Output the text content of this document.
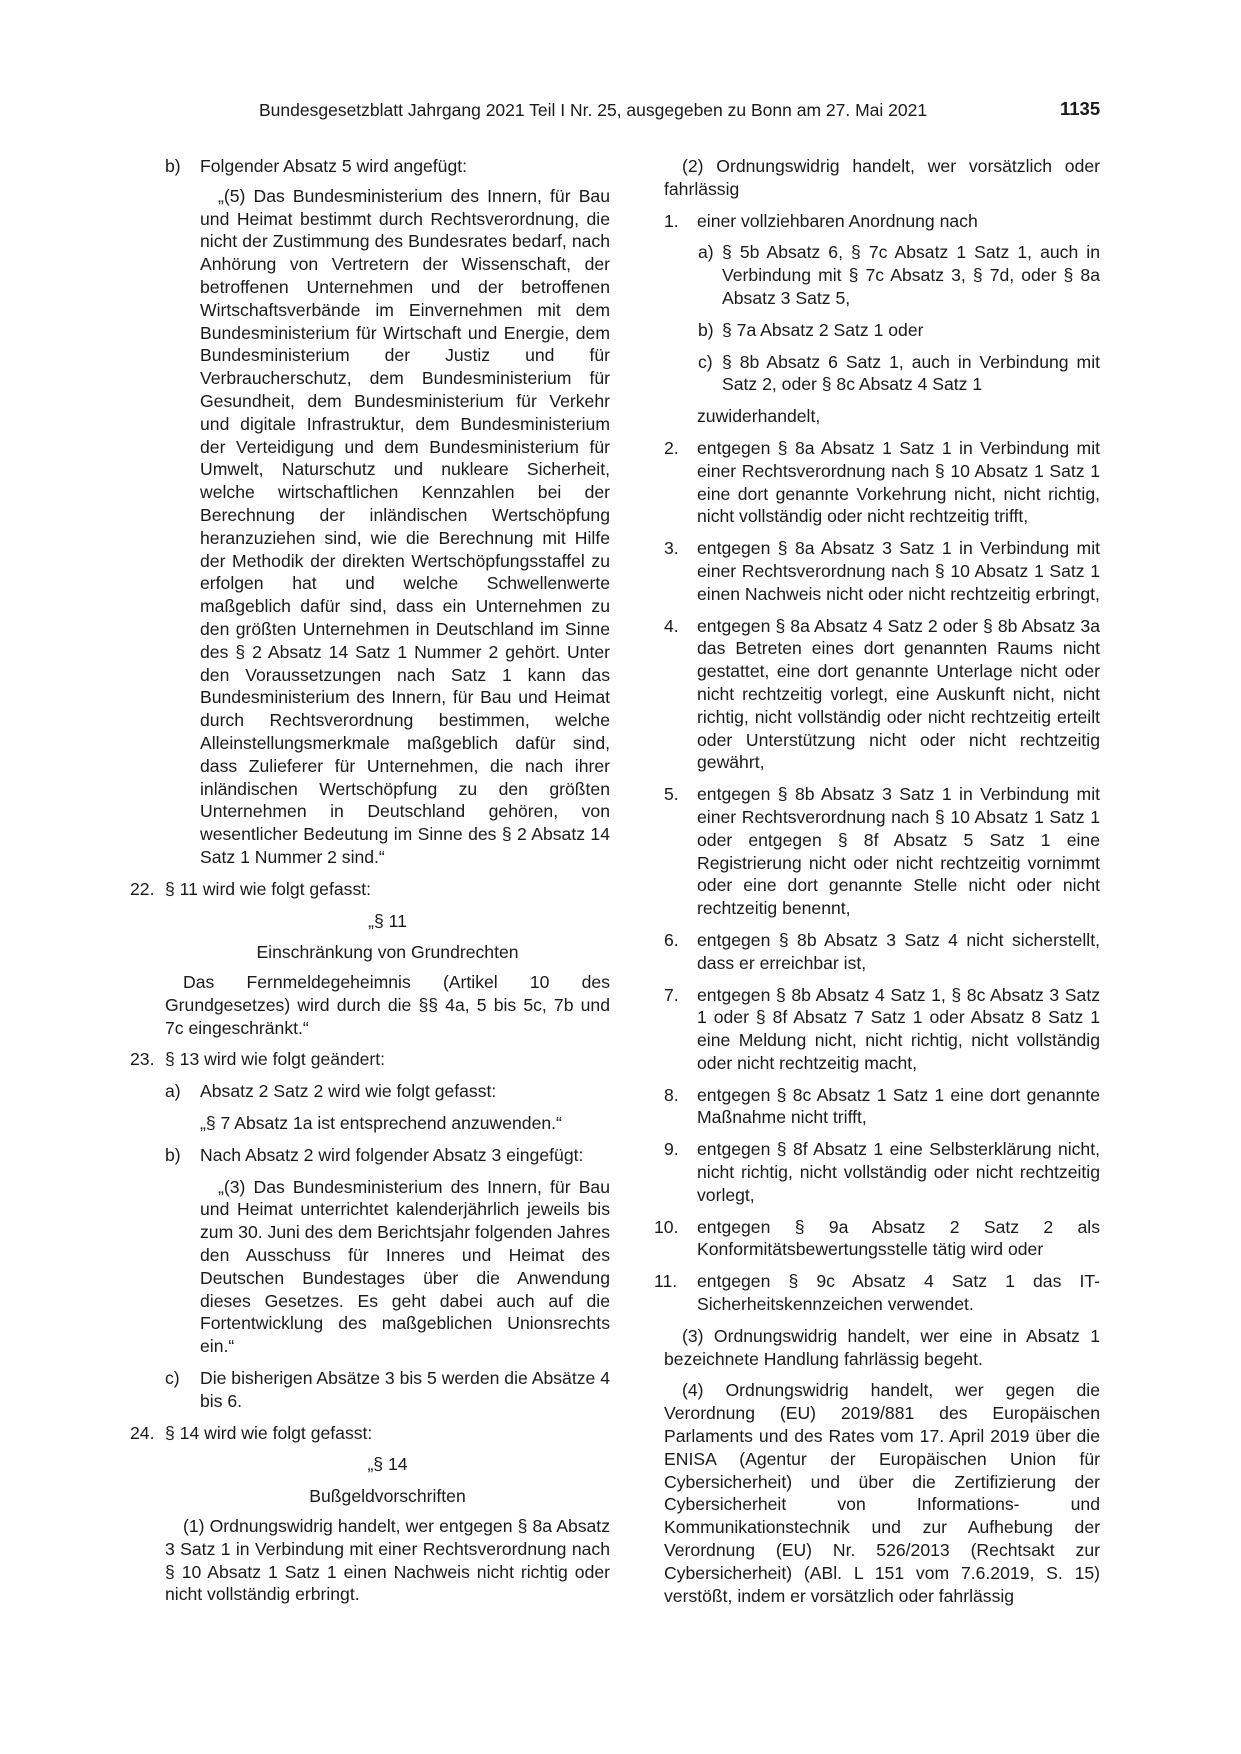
Bundesgesetzblatt Jahrgang 2021 Teil I Nr. 25, ausgegeben zu Bonn am 27. Mai 2021	1135
b) Folgender Absatz 5 wird angefügt:
„(5) Das Bundesministerium des Innern, für Bau und Heimat bestimmt durch Rechtsverordnung, die nicht der Zustimmung des Bundesrates bedarf, nach Anhörung von Vertretern der Wissenschaft, der betroffenen Unternehmen und der betroffenen Wirtschaftsverbände im Einvernehmen mit dem Bundesministerium für Wirtschaft und Energie, dem Bundesministerium der Justiz und für Verbraucherschutz, dem Bundesministerium für Gesundheit, dem Bundesministerium für Verkehr und digitale Infrastruktur, dem Bundesministerium der Verteidigung und dem Bundesministerium für Umwelt, Naturschutz und nukleare Sicherheit, welche wirtschaftlichen Kennzahlen bei der Berechnung der inländischen Wertschöpfung heranzuziehen sind, wie die Berechnung mit Hilfe der Methodik der direkten Wertschöpfungsstaffel zu erfolgen hat und welche Schwellenwerte maßgeblich dafür sind, dass ein Unternehmen zu den größten Unternehmen in Deutschland im Sinne des § 2 Absatz 14 Satz 1 Nummer 2 gehört. Unter den Voraussetzungen nach Satz 1 kann das Bundesministerium des Innern, für Bau und Heimat durch Rechtsverordnung bestimmen, welche Alleinstellungsmerkmale maßgeblich dafür sind, dass Zulieferer für Unternehmen, die nach ihrer inländischen Wertschöpfung zu den größten Unternehmen in Deutschland gehören, von wesentlicher Bedeutung im Sinne des § 2 Absatz 14 Satz 1 Nummer 2 sind.“
22. § 11 wird wie folgt gefasst:
„§ 11
Einschränkung von Grundrechten
Das Fernmeldegeheimnis (Artikel 10 des Grundgesetzes) wird durch die §§ 4a, 5 bis 5c, 7b und 7c eingeschränkt.“
23. § 13 wird wie folgt geändert:
a) Absatz 2 Satz 2 wird wie folgt gefasst:
„§ 7 Absatz 1a ist entsprechend anzuwenden.“
b) Nach Absatz 2 wird folgender Absatz 3 eingefügt:
„(3) Das Bundesministerium des Innern, für Bau und Heimat unterrichtet kalenderjährlich jeweils bis zum 30. Juni des dem Berichtsjahr folgenden Jahres den Ausschuss für Inneres und Heimat des Deutschen Bundestages über die Anwendung dieses Gesetzes. Es geht dabei auch auf die Fortentwicklung des maßgeblichen Unionsrechts ein.“
c) Die bisherigen Absätze 3 bis 5 werden die Absätze 4 bis 6.
24. § 14 wird wie folgt gefasst:
„§ 14
Bußgeldvorschriften
(1) Ordnungswidrig handelt, wer entgegen § 8a Absatz 3 Satz 1 in Verbindung mit einer Rechtsverordnung nach § 10 Absatz 1 Satz 1 einen Nachweis nicht richtig oder nicht vollständig erbringt.
(2) Ordnungswidrig handelt, wer vorsätzlich oder fahrlässig
1. einer vollziehbaren Anordnung nach
a) § 5b Absatz 6, § 7c Absatz 1 Satz 1, auch in Verbindung mit § 7c Absatz 3, § 7d, oder § 8a Absatz 3 Satz 5,
b) § 7a Absatz 2 Satz 1 oder
c) § 8b Absatz 6 Satz 1, auch in Verbindung mit Satz 2, oder § 8c Absatz 4 Satz 1
zuwiderhandelt,
2. entgegen § 8a Absatz 1 Satz 1 in Verbindung mit einer Rechtsverordnung nach § 10 Absatz 1 Satz 1 eine dort genannte Vorkehrung nicht, nicht richtig, nicht vollständig oder nicht rechtzeitig trifft,
3. entgegen § 8a Absatz 3 Satz 1 in Verbindung mit einer Rechtsverordnung nach § 10 Absatz 1 Satz 1 einen Nachweis nicht oder nicht rechtzeitig erbringt,
4. entgegen § 8a Absatz 4 Satz 2 oder § 8b Absatz 3a das Betreten eines dort genannten Raums nicht gestattet, eine dort genannte Unterlage nicht oder nicht rechtzeitig vorlegt, eine Auskunft nicht, nicht richtig, nicht vollständig oder nicht rechtzeitig erteilt oder Unterstützung nicht oder nicht rechtzeitig gewährt,
5. entgegen § 8b Absatz 3 Satz 1 in Verbindung mit einer Rechtsverordnung nach § 10 Absatz 1 Satz 1 oder entgegen § 8f Absatz 5 Satz 1 eine Registrierung nicht oder nicht rechtzeitig vornimmt oder eine dort genannte Stelle nicht oder nicht rechtzeitig benennt,
6. entgegen § 8b Absatz 3 Satz 4 nicht sicherstellt, dass er erreichbar ist,
7. entgegen § 8b Absatz 4 Satz 1, § 8c Absatz 3 Satz 1 oder § 8f Absatz 7 Satz 1 oder Absatz 8 Satz 1 eine Meldung nicht, nicht richtig, nicht vollständig oder nicht rechtzeitig macht,
8. entgegen § 8c Absatz 1 Satz 1 eine dort genannte Maßnahme nicht trifft,
9. entgegen § 8f Absatz 1 eine Selbsterklärung nicht, nicht richtig, nicht vollständig oder nicht rechtzeitig vorlegt,
10. entgegen § 9a Absatz 2 Satz 2 als Konformitätsbewertungsstelle tätig wird oder
11. entgegen § 9c Absatz 4 Satz 1 das IT-Sicherheitskennzeichen verwendet.
(3) Ordnungswidrig handelt, wer eine in Absatz 1 bezeichnete Handlung fahrlässig begeht.
(4) Ordnungswidrig handelt, wer gegen die Verordnung (EU) 2019/881 des Europäischen Parlaments und des Rates vom 17. April 2019 über die ENISA (Agentur der Europäischen Union für Cybersicherheit) und über die Zertifizierung der Cybersicherheit von Informations- und Kommunikationstechnik und zur Aufhebung der Verordnung (EU) Nr. 526/2013 (Rechtsakt zur Cybersicherheit) (ABl. L 151 vom 7.6.2019, S. 15) verstößt, indem er vorsätzlich oder fahrlässig
